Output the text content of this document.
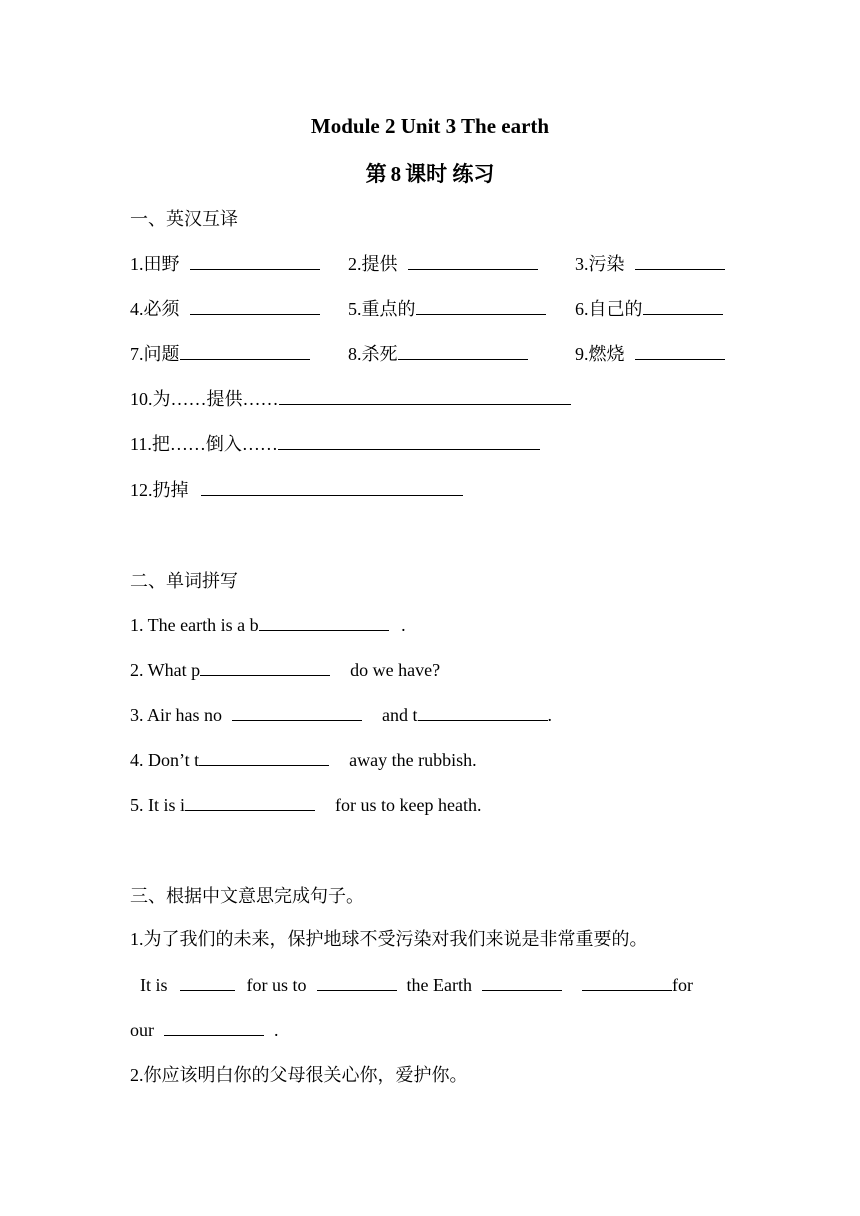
Module 2 Unit 3 The earth
第 8 课时 练习
一、英汉互译
1.田野	2.提供	3.污染
4.必须	5.重点的	6.自己的
7.问题	8.杀死	9.燃烧
10.为……提供……
11.把……倒入……
12.扔掉
二、单词拼写
1. The earth is a b	.
2. What p	do we have?
3. Air has no	and t	.
4. Don’t t	away the rubbish.
5. It is i	for us to keep heath.
三、根据中文意思完成句子。
1.为了我们的未来，保护地球不受污染对我们来说是非常重要的。
It is	for us to	the Earth	for
our	.
2.你应该明白你的父母很关心你，爱护你。
